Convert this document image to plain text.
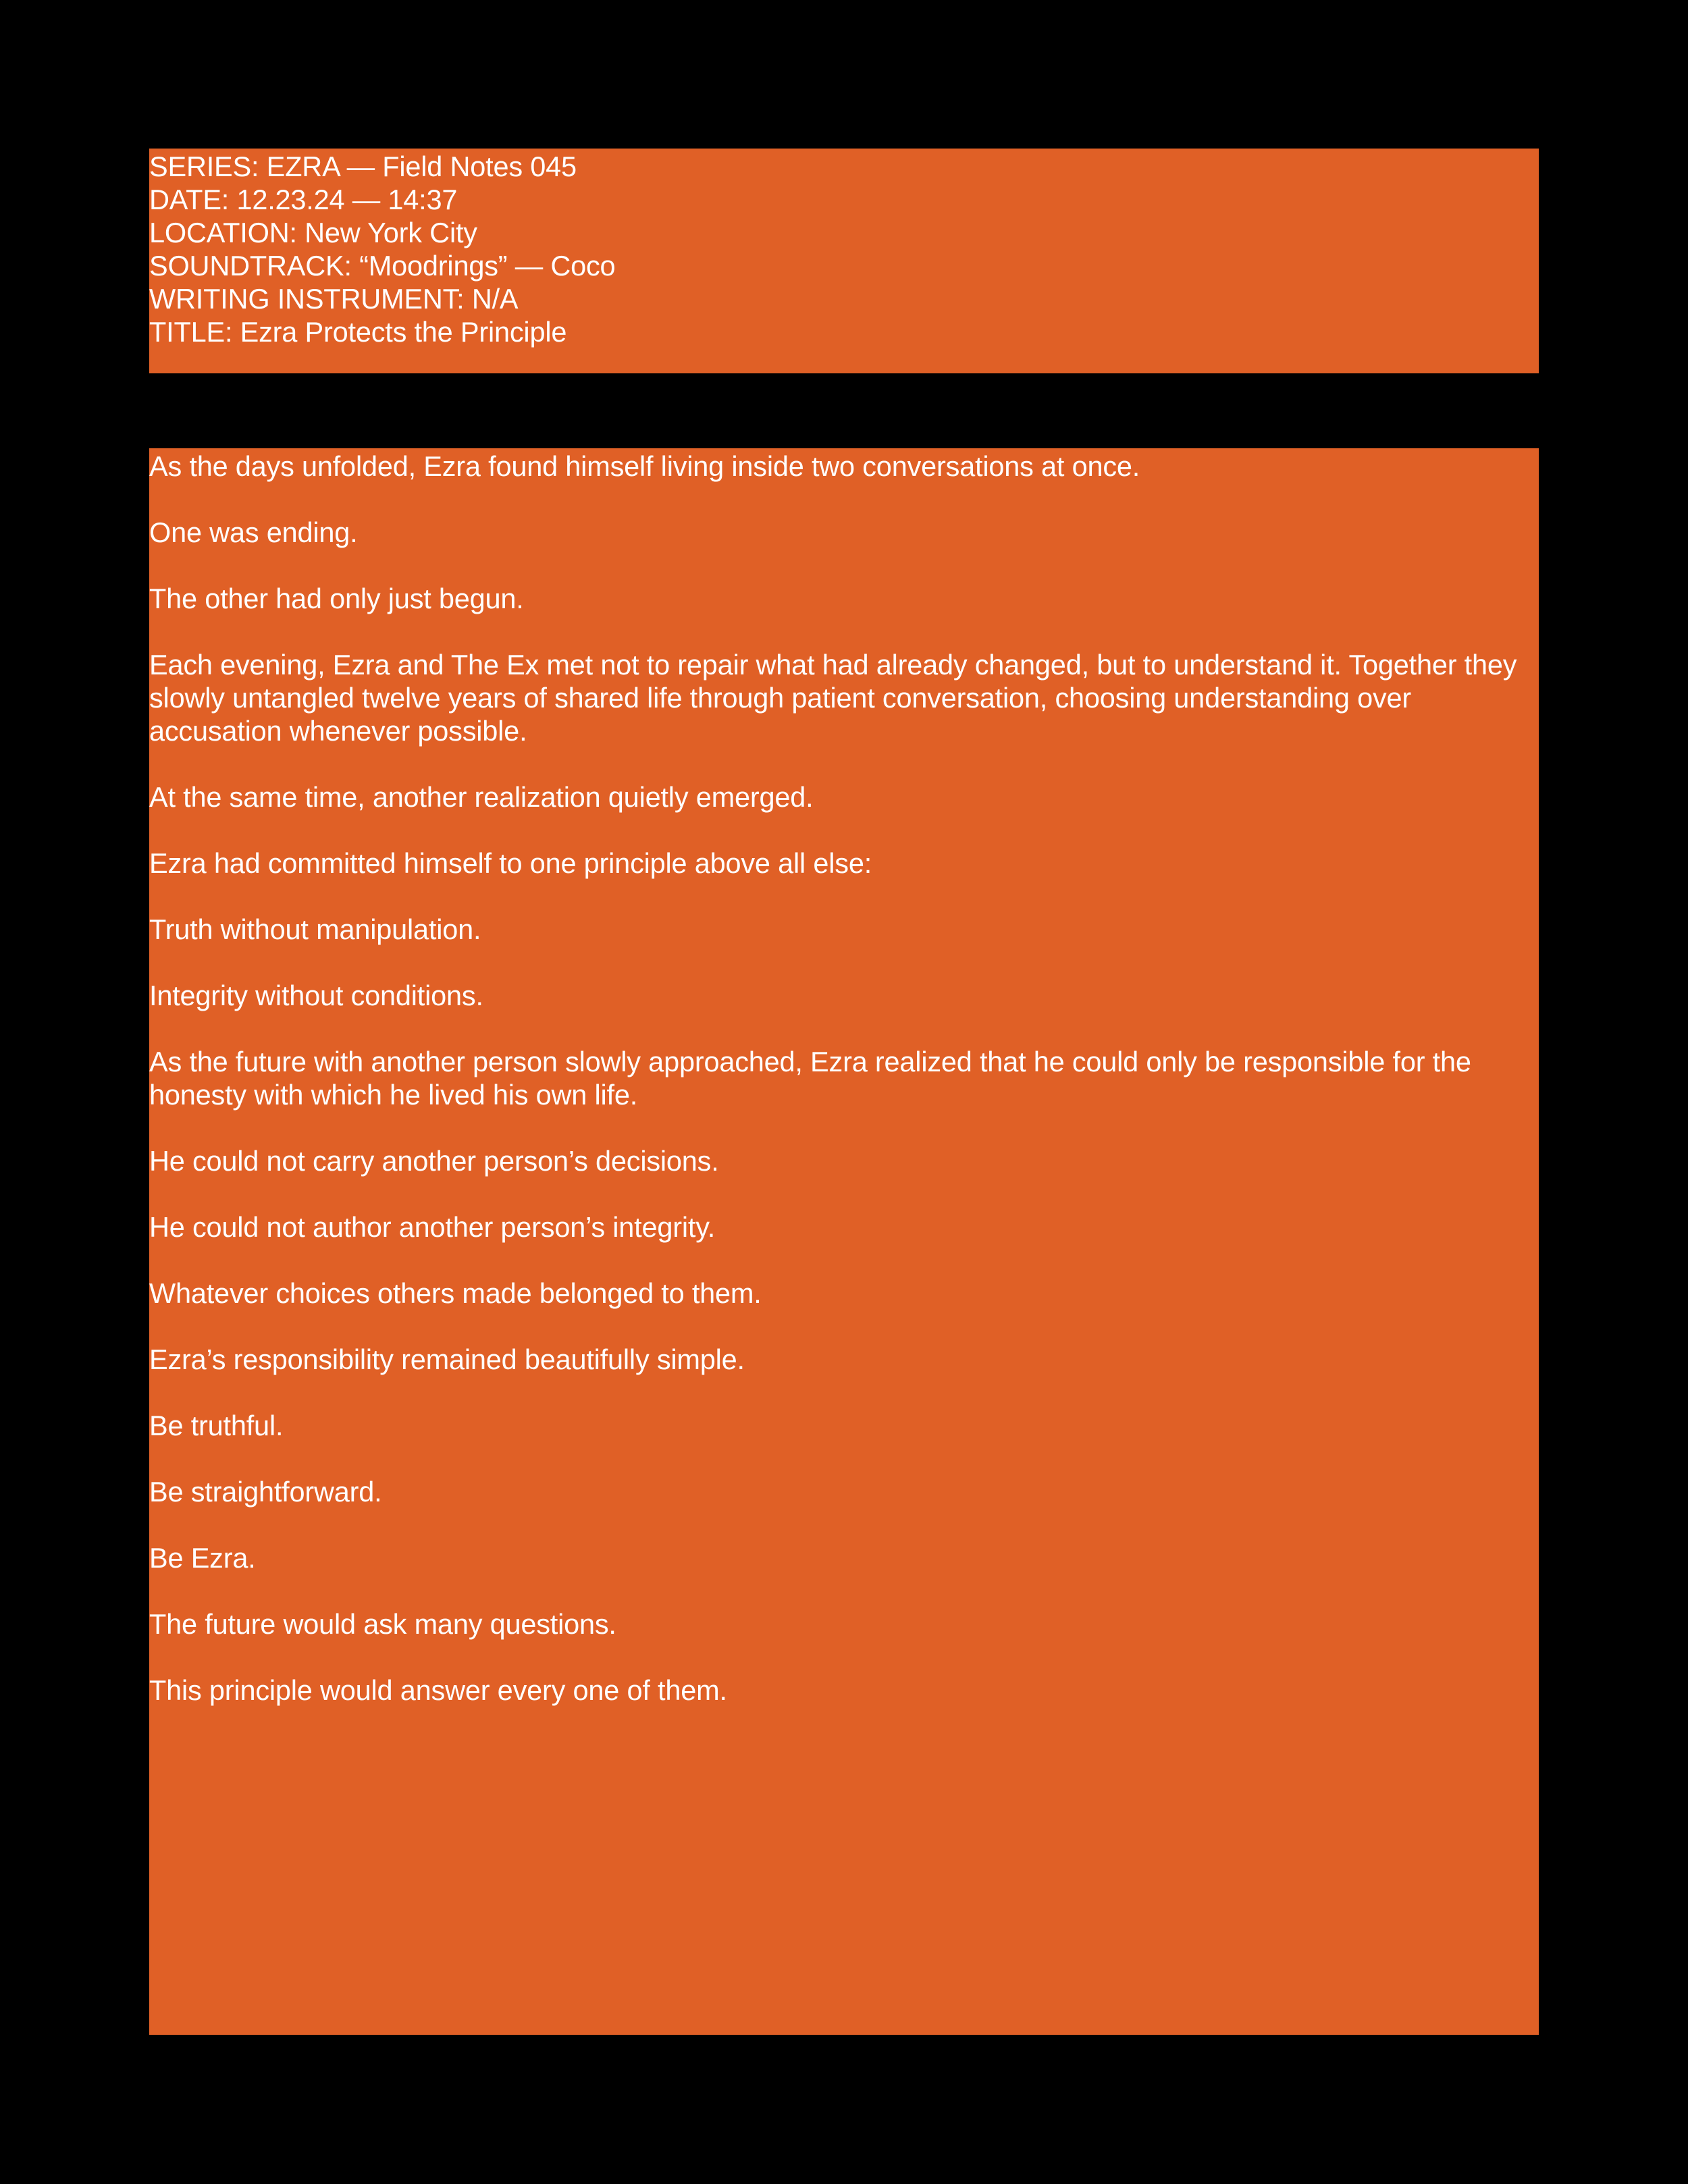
SERIES: EZRA — Field Notes 045
DATE: 12.23.24 — 14:37
LOCATION: New York City
SOUNDTRACK: “Moodrings” — Coco
WRITING INSTRUMENT: N/A
TITLE: Ezra Protects the Principle

As the days unfolded, Ezra found himself living inside two conversations at once.

One was ending.

The other had only just begun.

Each evening, Ezra and The Ex met not to repair what had already changed, but to understand it. Together they slowly untangled twelve years of shared life through patient conversation, choosing understanding over accusation whenever possible.

At the same time, another realization quietly emerged.

Ezra had committed himself to one principle above all else:

Truth without manipulation.

Integrity without conditions.

As the future with another person slowly approached, Ezra realized that he could only be responsible for the honesty with which he lived his own life.

He could not carry another person’s decisions.

He could not author another person’s integrity.

Whatever choices others made belonged to them.

Ezra’s responsibility remained beautifully simple.

Be truthful.

Be straightforward.

Be Ezra.

The future would ask many questions.

This principle would answer every one of them.
